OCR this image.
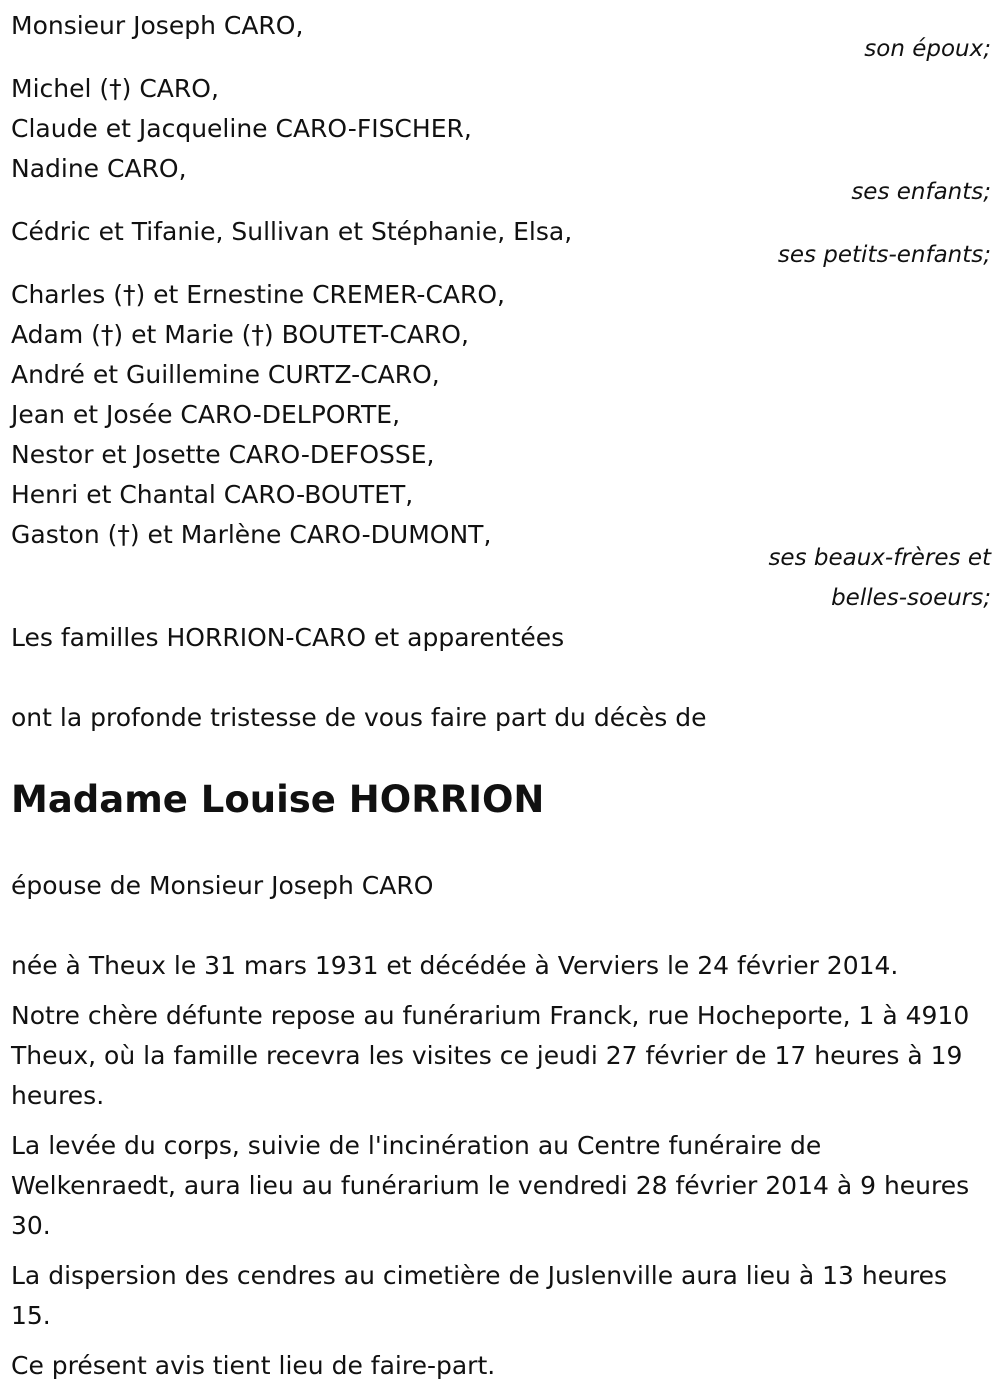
Monsieur Joseph CARO,

son époux;

Michel (†) CARO,

Claude et Jacqueline CARO-FISCHER,

Nadine CARO,

ses enfants;

Cédric et Tifanie, Sullivan et Stéphanie, Elsa,

ses petits-enfants;

Charles (†) et Ernestine CREMER-CARO,

Adam (†) et Marie (†) BOUTET-CARO,

André et Guillemine CURTZ-CARO,

Jean et Josée CARO-DELPORTE,

Nestor et Josette CARO-DEFOSSE,

Henri et Chantal CARO-BOUTET,

Gaston (†) et Marlène CARO-DUMONT,

ses beaux-frères et

belles-soeurs;

Les familles HORRION-CARO et apparentées

ont la profonde tristesse de vous faire part du décès de

Madame Louise HORRION

épouse de Monsieur Joseph CARO

née à Theux le 31 mars 1931 et décédée à Verviers le 24 février 2014.

Notre chère défunte repose au funérarium Franck, rue Hocheporte, 1 à 4910 Theux, où la famille recevra les visites ce jeudi 27 février de 17 heures à 19 heures.

La levée du corps, suivie de l'incinération au Centre funéraire de Welkenraedt, aura lieu au funérarium le vendredi 28 février 2014 à 9 heures 30.

La dispersion des cendres au cimetière de Juslenville aura lieu à 13 heures 15.

Ce présent avis tient lieu de faire-part.
